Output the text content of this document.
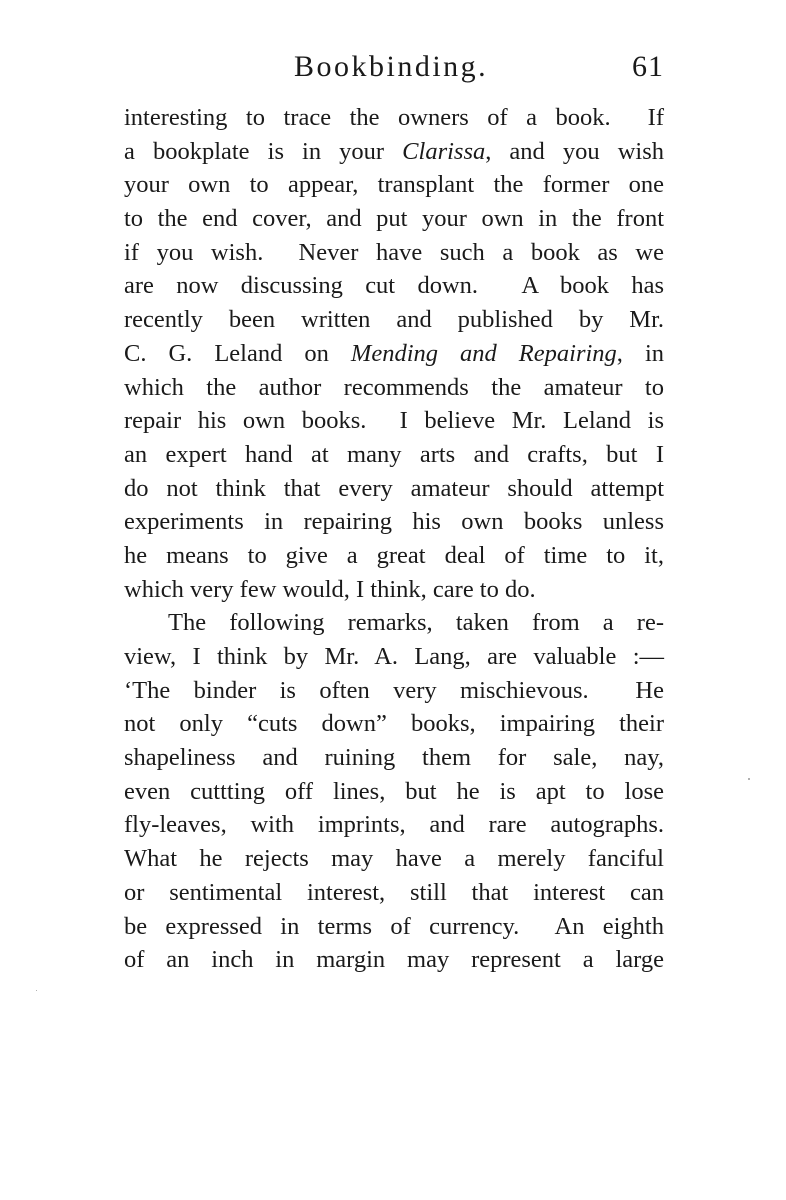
Bookbinding.	61
interesting to trace the owners of a book.  If
a bookplate is in your Clarissa, and you wish
your own to appear, transplant the former one
to the end cover, and put your own in the front
if you wish.  Never have such a book as we
are now discussing cut down.  A book has
recently been written and published by Mr.
C. G. Leland on Mending and Repairing, in
which the author recommends the amateur to
repair his own books.  I believe Mr. Leland is
an expert hand at many arts and crafts, but I
do not think that every amateur should attempt
experiments in repairing his own books unless
he means to give a great deal of time to it,
which very few would, I think, care to do.
The following remarks, taken from a re-
view, I think by Mr. A. Lang, are valuable :—
‘The binder is often very mischievous.  He
not only “cuts down” books, impairing their
shapeliness and ruining them for sale, nay,
even cuttting off lines, but he is apt to lose
fly-leaves, with imprints, and rare autographs.
What he rejects may have a merely fanciful
or sentimental interest, still that interest can
be expressed in terms of currency.  An eighth
of an inch in margin may represent a large
